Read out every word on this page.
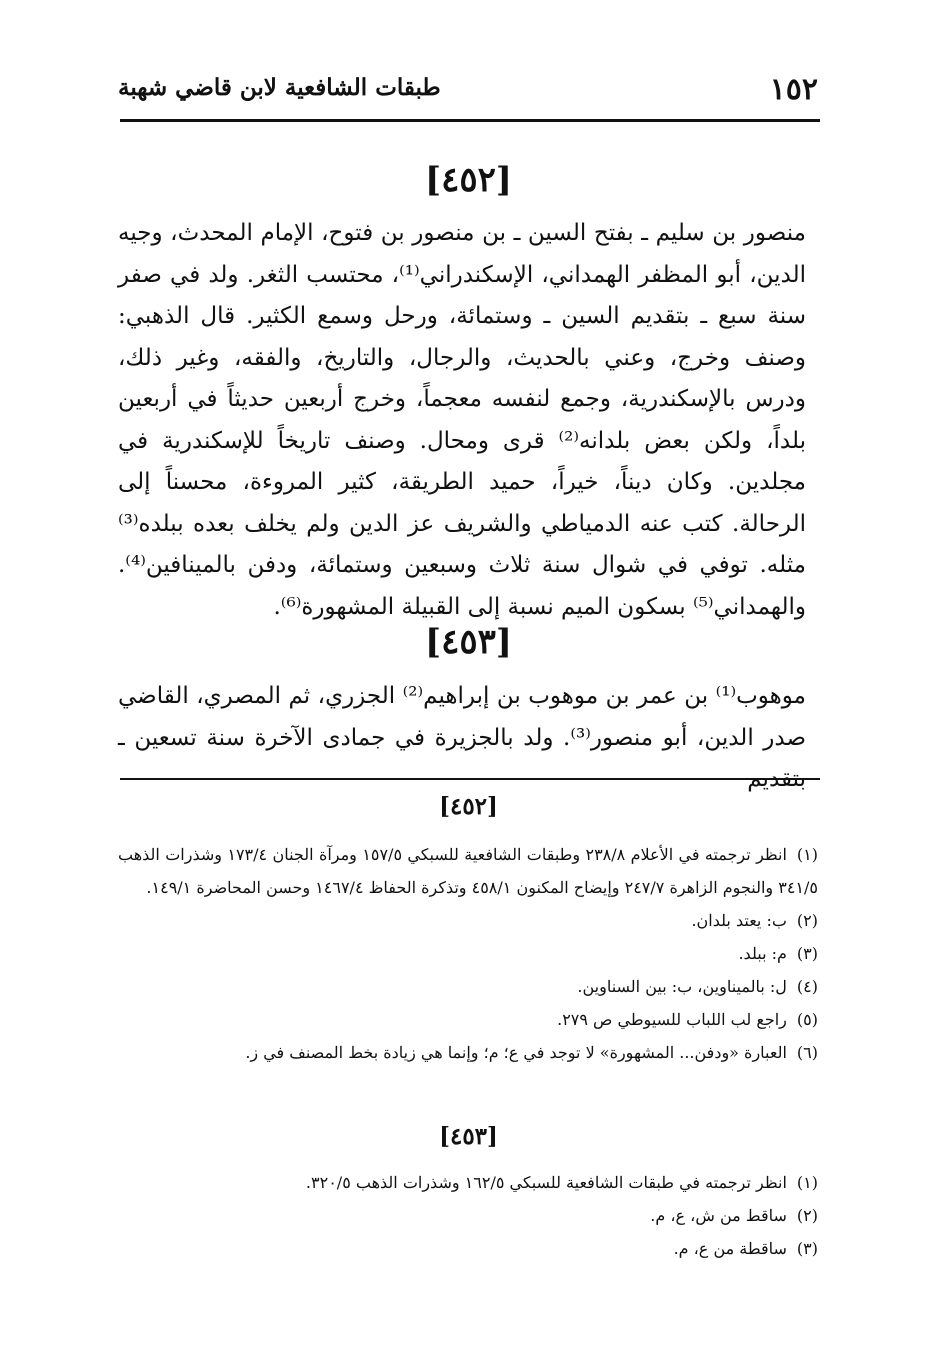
١٥٢
طبقات الشافعية لابن قاضي شهبة
[٤٥٢]

منصور بن سليم ـ بفتح السين ـ بن منصور بن فتوح، الإمام المحدث، وجيه الدين، أبو المظفر الهمداني، الإسكندراني⁽¹⁾، محتسب الثغر. ولد في صفر سنة سبع ـ بتقديم السين ـ وستمائة، ورحل وسمع الكثير. قال الذهبي: وصنف وخرج، وعني بالحديث، والرجال، والتاريخ، والفقه، وغير ذلك، ودرس بالإسكندرية، وجمع لنفسه معجماً، وخرج أربعين حديثاً في أربعين بلداً، ولكن بعض بلدانه⁽²⁾ قرى ومحال. وصنف تاريخاً للإسكندرية في مجلدين. وكان ديناً، خيراً، حميد الطريقة، كثير المروءة، محسناً إلى الرحالة. كتب عنه الدمياطي والشريف عز الدين ولم يخلف بعده ببلده⁽³⁾ مثله. توفي في شوال سنة ثلاث وسبعين وستمائة، ودفن بالمينافين⁽⁴⁾. والهمداني⁽⁵⁾ بسكون الميم نسبة إلى القبيلة المشهورة⁽⁶⁾.

[٤٥٣]

موهوب⁽¹⁾ بن عمر بن موهوب بن إبراهيم⁽²⁾ الجزري، ثم المصري، القاضي صدر الدين، أبو منصور⁽³⁾. ولد بالجزيرة في جمادى الآخرة سنة تسعين ـ بتقديم

[٤٥٢]
(١)انظر ترجمته في الأعلام ٢٣٨/٨ وطبقات الشافعية للسبكي ١٥٧/٥ ومرآة الجنان ١٧٣/٤ وشذرات الذهب ٣٤١/٥ والنجوم الزاهرة ٢٤٧/٧ وإيضاح المكنون ٤٥٨/١ وتذكرة الحفاظ ١٤٦٧/٤ وحسن المحاضرة ١٤٩/١.
(٢)ب: يعتد بلدان.
(٣)م: ببلد.
(٤)ل: بالميناوين، ب: بين السناوين.
(٥)راجع لب اللباب للسيوطي ص ٢٧٩.
(٦)العبارة «ودفن... المشهورة» لا توجد في ع؛ م؛ وإنما هي زيادة بخط المصنف في ز.
[٤٥٣]
(١)انظر ترجمته في طبقات الشافعية للسبكي ١٦٢/٥ وشذرات الذهب ٣٢٠/٥.
(٢)ساقط من ش، ع، م.
(٣)ساقطة من ع، م.
